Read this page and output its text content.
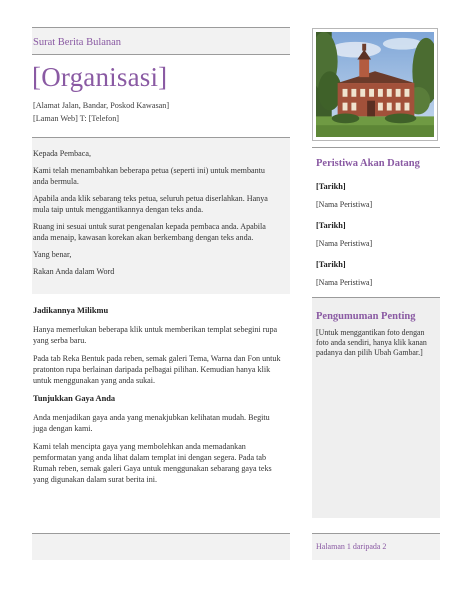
Surat Berita Bulanan
[Organisasi]
[Alamat Jalan, Bandar, Poskod Kawasan]
[Laman Web] T: [Telefon]

Kepada Pembaca,

Kami telah menambahkan beberapa petua (seperti ini) untuk membantu anda bermula.

Apabila anda klik sebarang teks petua, seluruh petua diserlahkan. Hanya mula taip untuk menggantikannya dengan teks anda.

Ruang ini sesuai untuk surat pengenalan kepada pembaca anda. Apabila anda menaip, kawasan korekan akan berkembang dengan teks anda.

Yang benar,

Rakan Anda dalam Word

Jadikannya Milikmu

Hanya memerlukan beberapa klik untuk memberikan templat sebegini rupa yang serba baru.

Pada tab Reka Bentuk pada reben, semak galeri Tema, Warna dan Fon untuk pratonton rupa berlainan daripada pelbagai pilihan. Kemudian hanya klik untuk menggunakan yang anda sukai.

Tunjukkan Gaya Anda

Anda menjadikan gaya anda yang menakjubkan kelihatan mudah. Begitu juga dengan kami.

Kami telah mencipta gaya yang membolehkan anda memadankan pemformatan yang anda lihat dalam templat ini dengan segera. Pada tab Rumah reben, semak galeri Gaya untuk menggunakan sebarang gaya teks yang digunakan dalam surat berita ini.

Peristiwa Akan Datang
[Tarikh]
[Nama Peristiwa]
[Tarikh]
[Nama Peristiwa]
[Tarikh]
[Nama Peristiwa]
Pengumuman Penting
[Untuk menggantikan foto dengan foto anda sendiri, hanya klik kanan padanya dan pilih Ubah Gambar.]
Halaman 1 daripada 2
